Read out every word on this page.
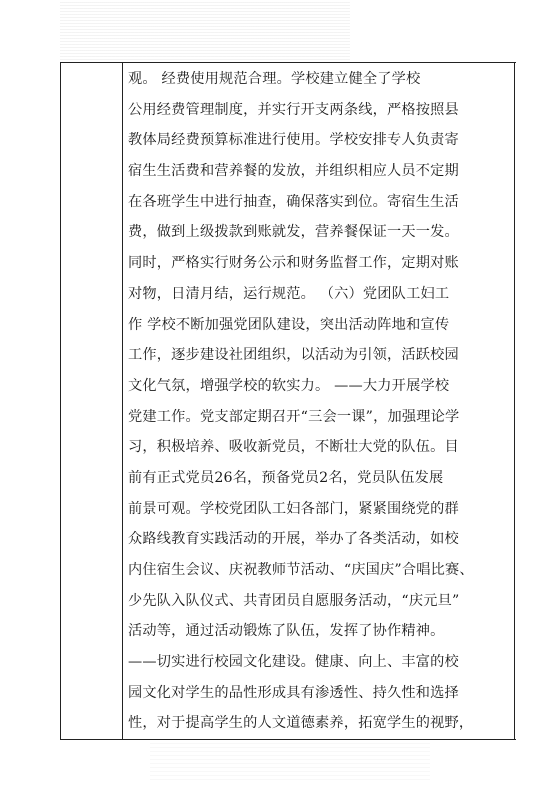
观。 经费使用规范合理。学校建立健全了学校
公用经费管理制度，并实行开支两条线，严格按照县
教体局经费预算标准进行使用。学校安排专人负责寄
宿生生活费和营养餐的发放，并组织相应人员不定期
在各班学生中进行抽查，确保落实到位。寄宿生生活
费，做到上级拨款到账就发，营养餐保证一天一发。
同时，严格实行财务公示和财务监督工作，定期对账
对物，日清月结，运行规范。 （六）党团队工妇工
作 学校不断加强党团队建设，突出活动阵地和宣传
工作，逐步建设社团组织，以活动为引领，活跃校园
文化气氛，增强学校的软实力。 ——大力开展学校
党建工作。党支部定期召开“三会一课”，加强理论学
习，积极培养、吸收新党员，不断壮大党的队伍。目
前有正式党员26名，预备党员2名，党员队伍发展
前景可观。学校党团队工妇各部门，紧紧围绕党的群
众路线教育实践活动的开展，举办了各类活动，如校
内住宿生会议、庆祝教师节活动、“庆国庆”合唱比赛、
少先队入队仪式、共青团员自愿服务活动，“庆元旦”
活动等，通过活动锻炼了队伍，发挥了协作精神。
——切实进行校园文化建设。健康、向上、丰富的校
园文化对学生的品性形成具有渗透性、持久性和选择
性，对于提高学生的人文道德素养，拓宽学生的视野，
